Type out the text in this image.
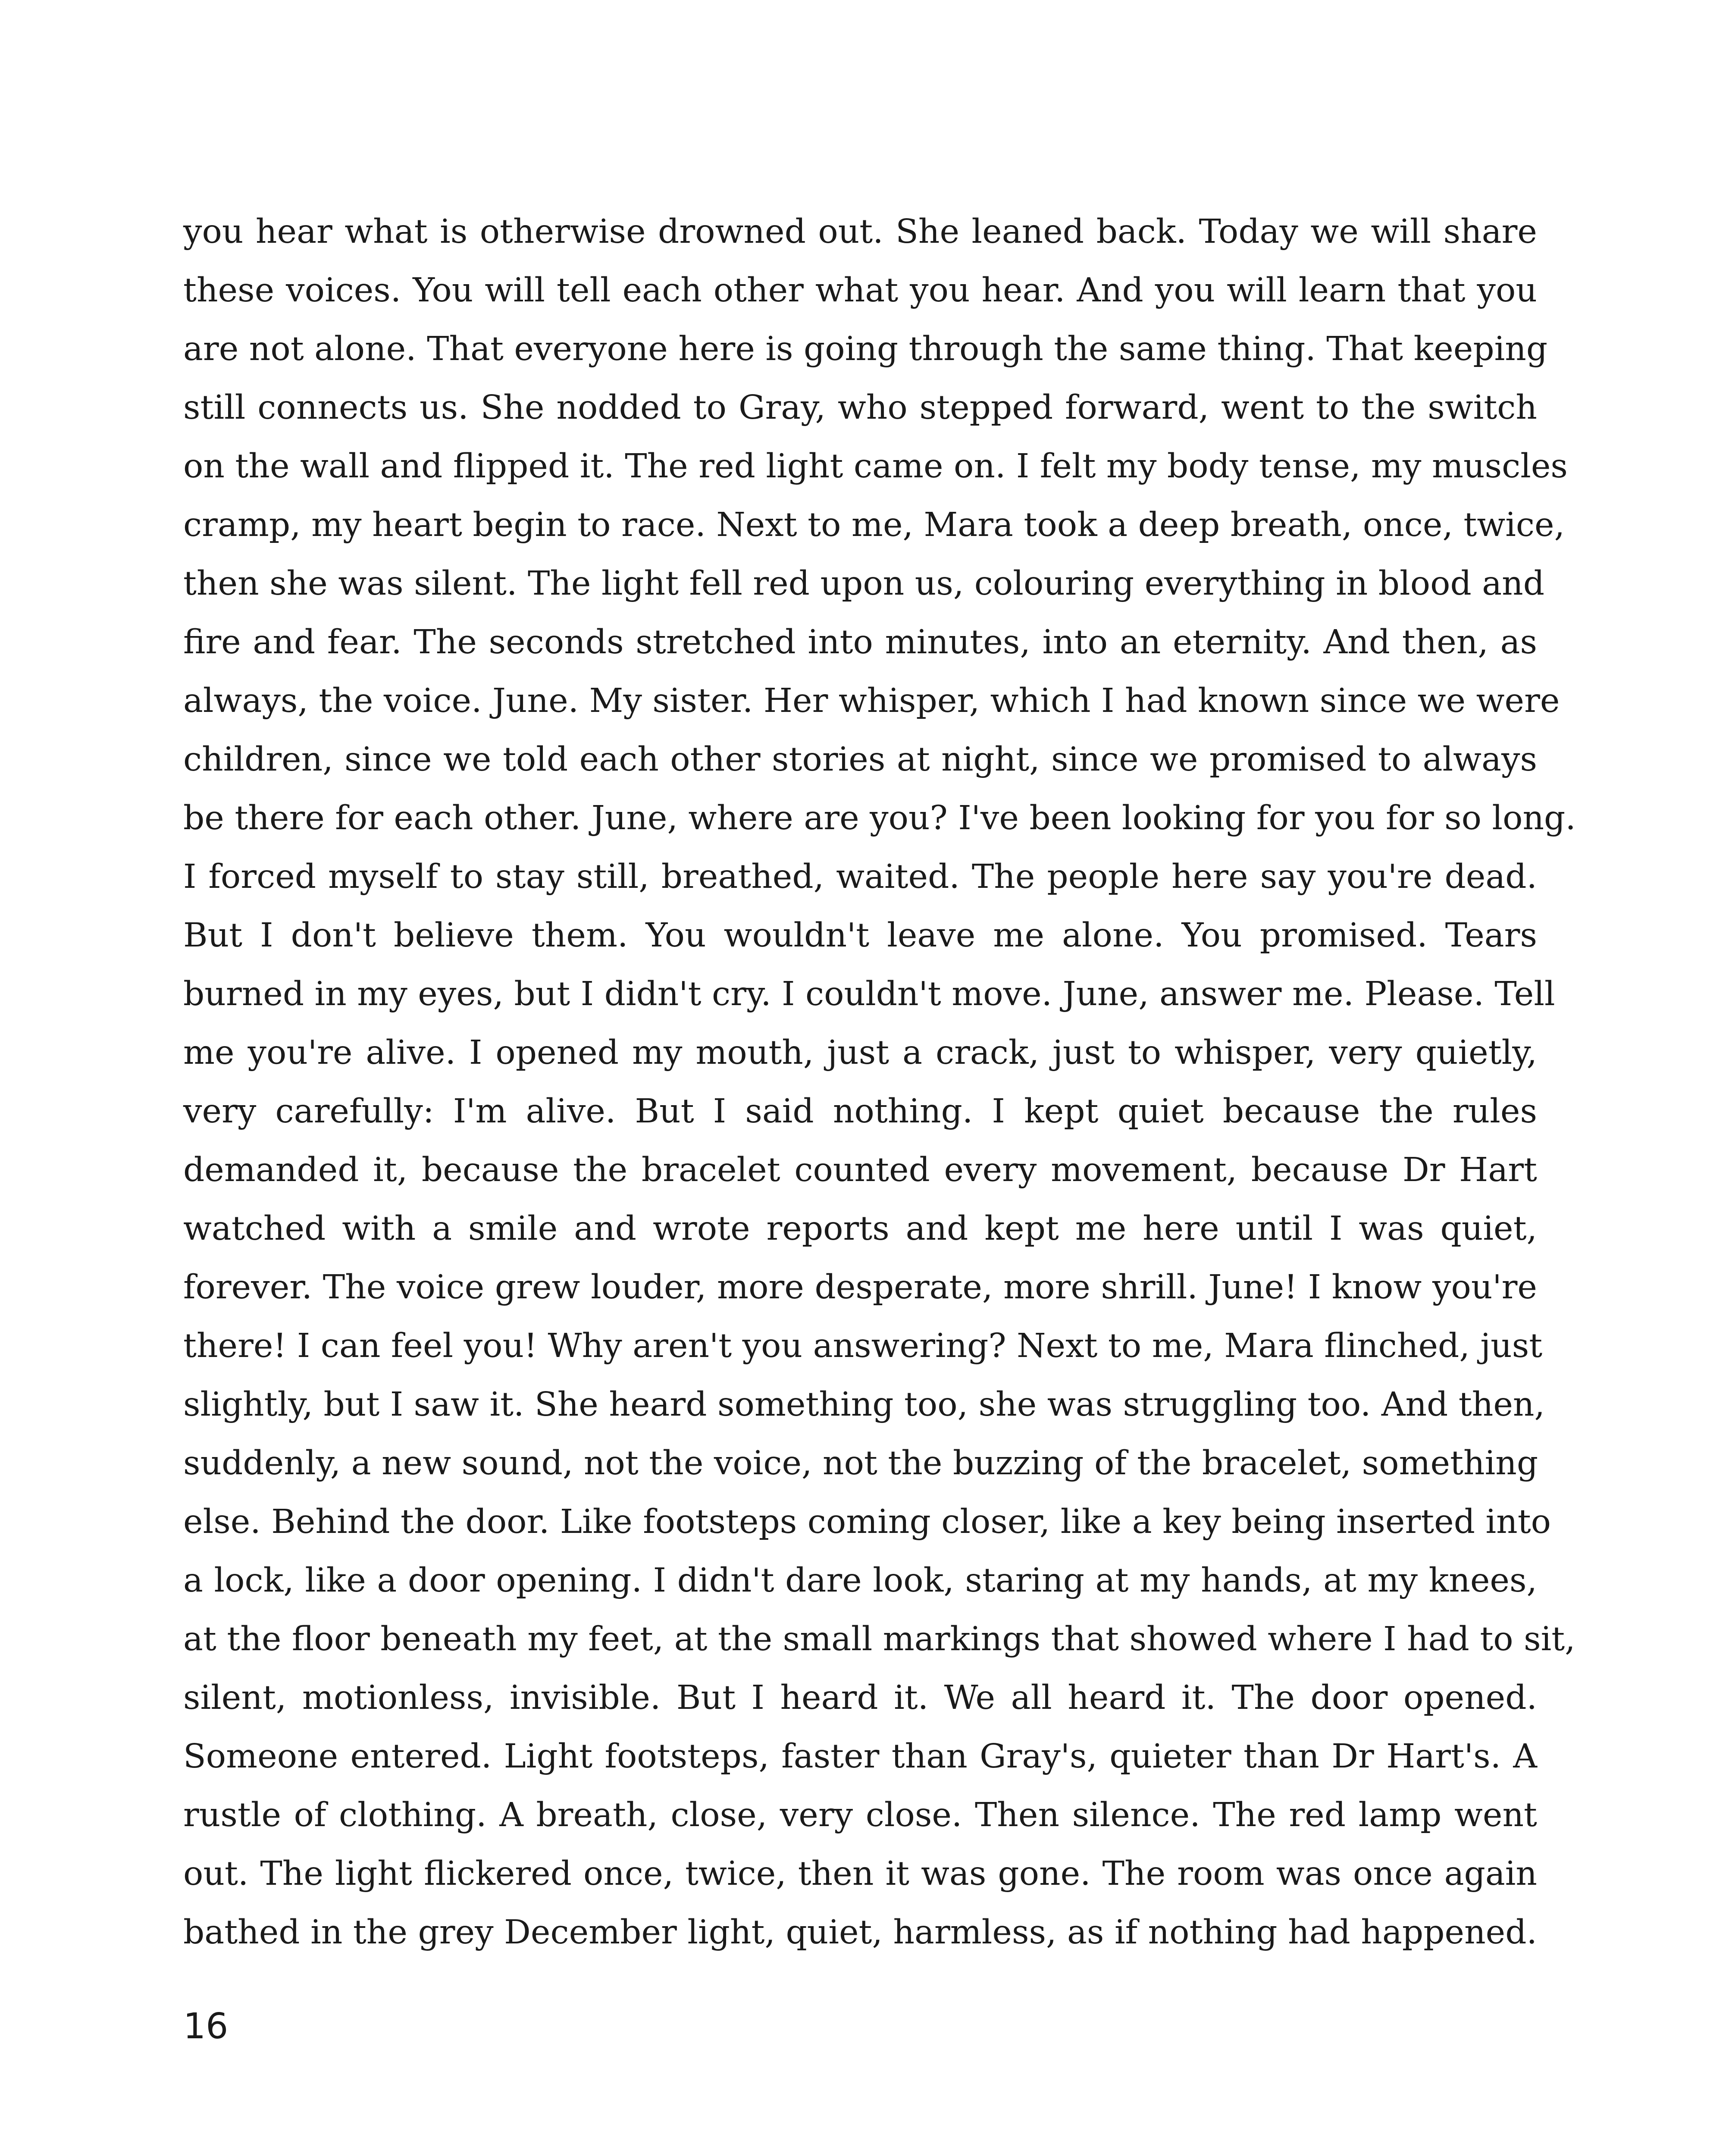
you hear what is otherwise drowned out. She leaned back. Today we will share
these voices. You will tell each other what you hear. And you will learn that you
are not alone. That everyone here is going through the same thing. That keeping
still connects us. She nodded to Gray, who stepped forward, went to the switch
on the wall and flipped it. The red light came on. I felt my body tense, my muscles
cramp, my heart begin to race. Next to me, Mara took a deep breath, once, twice,
then she was silent. The light fell red upon us, colouring everything in blood and
fire and fear. The seconds stretched into minutes, into an eternity. And then, as
always, the voice. June. My sister. Her whisper, which I had known since we were
children, since we told each other stories at night, since we promised to always
be there for each other. June, where are you? I've been looking for you for so long.
I forced myself to stay still, breathed, waited. The people here say you're dead.
But I don't believe them. You wouldn't leave me alone. You promised. Tears
burned in my eyes, but I didn't cry. I couldn't move. June, answer me. Please. Tell
me you're alive. I opened my mouth, just a crack, just to whisper, very quietly,
very carefully: I'm alive. But I said nothing. I kept quiet because the rules
demanded it, because the bracelet counted every movement, because Dr Hart
watched with a smile and wrote reports and kept me here until I was quiet,
forever. The voice grew louder, more desperate, more shrill. June! I know you're
there! I can feel you! Why aren't you answering? Next to me, Mara flinched, just
slightly, but I saw it. She heard something too, she was struggling too. And then,
suddenly, a new sound, not the voice, not the buzzing of the bracelet, something
else. Behind the door. Like footsteps coming closer, like a key being inserted into
a lock, like a door opening. I didn't dare look, staring at my hands, at my knees,
at the floor beneath my feet, at the small markings that showed where I had to sit,
silent, motionless, invisible. But I heard it. We all heard it. The door opened.
Someone entered. Light footsteps, faster than Gray's, quieter than Dr Hart's. A
rustle of clothing. A breath, close, very close. Then silence. The red lamp went
out. The light flickered once, twice, then it was gone. The room was once again
bathed in the grey December light, quiet, harmless, as if nothing had happened.
16
